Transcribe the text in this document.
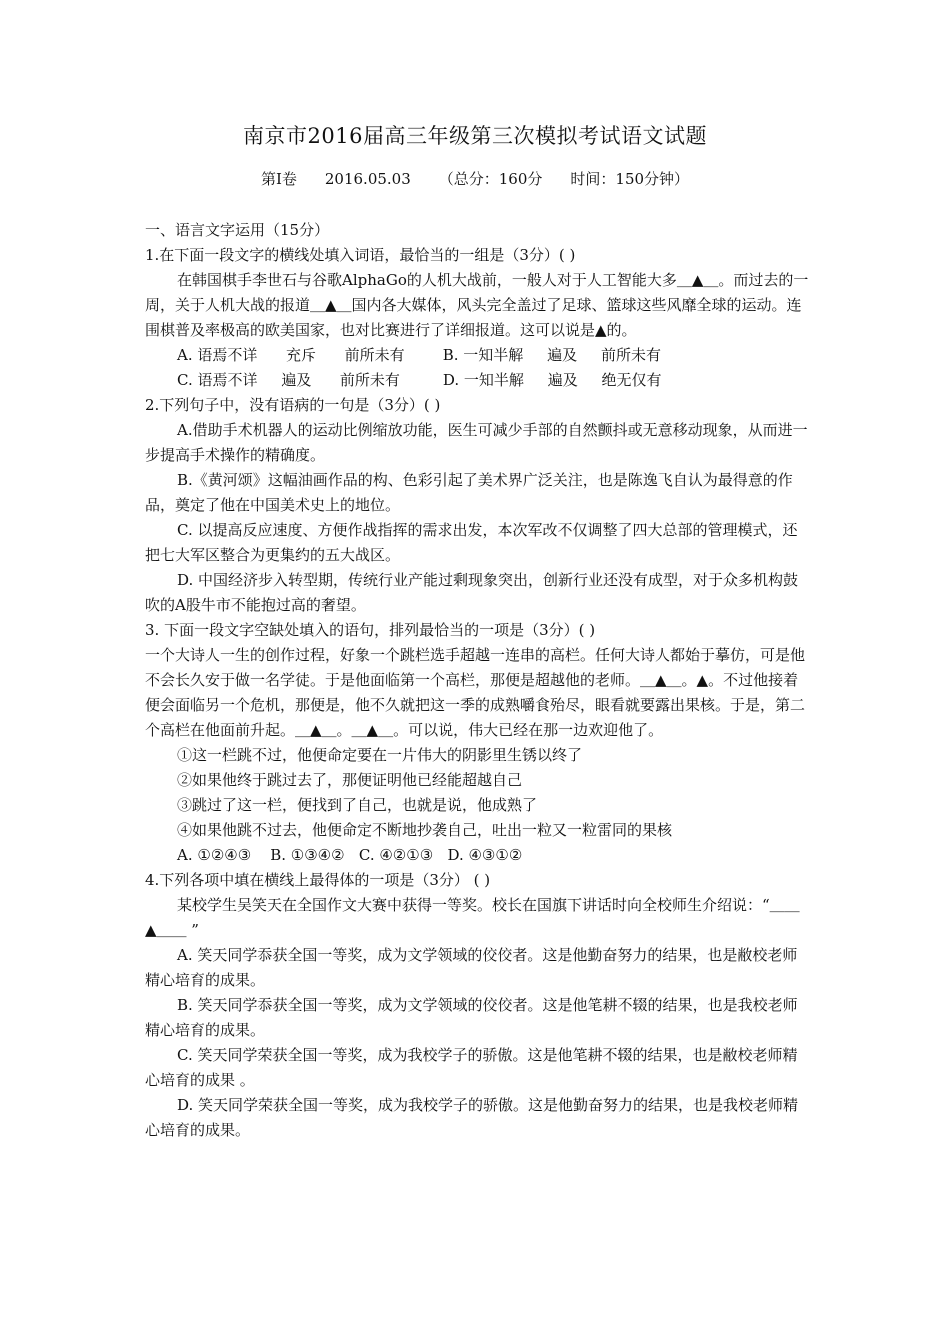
南京市2016届高三年级第三次模拟考试语文试题
第Ⅰ卷 2016.05.03 （总分：160分 时间：150分钟）

一、语言文字运用（15分）

1.在下面一段文字的横线处填入词语，最恰当的一组是（3分）( )

在韩国棋手李世石与谷歌AlphaGo的人机大战前，一般人对于人工智能大多＿▲＿。而过去的一周，关于人机大战的报道＿▲＿国内各大媒体，风头完全盖过了足球、篮球这些风靡全球的运动。连围棋普及率极高的欧美国家，也对比赛进行了详细报道。这可以说是▲的。

A. 语焉不详      充斥      前所未有        B. 一知半解     遍及     前所未有

C. 语焉不详     遍及      前所未有         D. 一知半解     遍及     绝无仅有

2.下列句子中，没有语病的一句是（3分）( )

A.借助手术机器人的运动比例缩放功能，医生可减少手部的自然颤抖或无意移动现象，从而进一步提高手术操作的精确度。

B.《黄河颂》这幅油画作品的构、色彩引起了美术界广泛关注，也是陈逸飞自认为最得意的作品，奠定了他在中国美术史上的地位。

C. 以提高反应速度、方便作战指挥的需求出发，本次军改不仅调整了四大总部的管理模式，还把七大军区整合为更集约的五大战区。

D. 中国经济步入转型期，传统行业产能过剩现象突出，创新行业还没有成型，对于众多机构鼓吹的A股牛市不能抱过高的奢望。

3. 下面一段文字空缺处填入的语句，排列最恰当的一项是（3分）( )

一个大诗人一生的创作过程，好象一个跳栏选手超越一连串的高栏。任何大诗人都始于摹仿，可是他不会长久安于做一名学徒。于是他面临第一个高栏，那便是超越他的老师。＿▲＿。▲。不过他接着便会面临另一个危机，那便是，他不久就把这一季的成熟嚼食殆尽，眼看就要露出果核。于是，第二个高栏在他面前升起。＿▲＿。＿▲＿。可以说，伟大已经在那一边欢迎他了。

①这一栏跳不过，他便命定要在一片伟大的阴影里生锈以终了

②如果他终于跳过去了，那便证明他已经能超越自己

③跳过了这一栏，便找到了自己，也就是说，他成熟了

④如果他跳不过去，他便命定不断地抄袭自己，吐出一粒又一粒雷同的果核

A. ①②④③    B. ①③④②   C. ④②①③   D. ④③①②

4.下列各项中填在横线上最得体的一项是（3分） ( )

某校学生吴笑天在全国作文大赛中获得一等奖。校长在国旗下讲话时向全校师生介绍说：“＿＿▲＿＿ ”

A. 笑天同学忝获全国一等奖，成为文学领域的佼佼者。这是他勤奋努力的结果，也是敝校老师精心培育的成果。

B. 笑天同学忝获全国一等奖，成为文学领域的佼佼者。这是他笔耕不辍的结果，也是我校老师精心培育的成果。

C. 笑天同学荣获全国一等奖，成为我校学子的骄傲。这是他笔耕不辍的结果，也是敝校老师精心培育的成果 。

D. 笑天同学荣获全国一等奖，成为我校学子的骄傲。这是他勤奋努力的结果，也是我校老师精心培育的成果。
